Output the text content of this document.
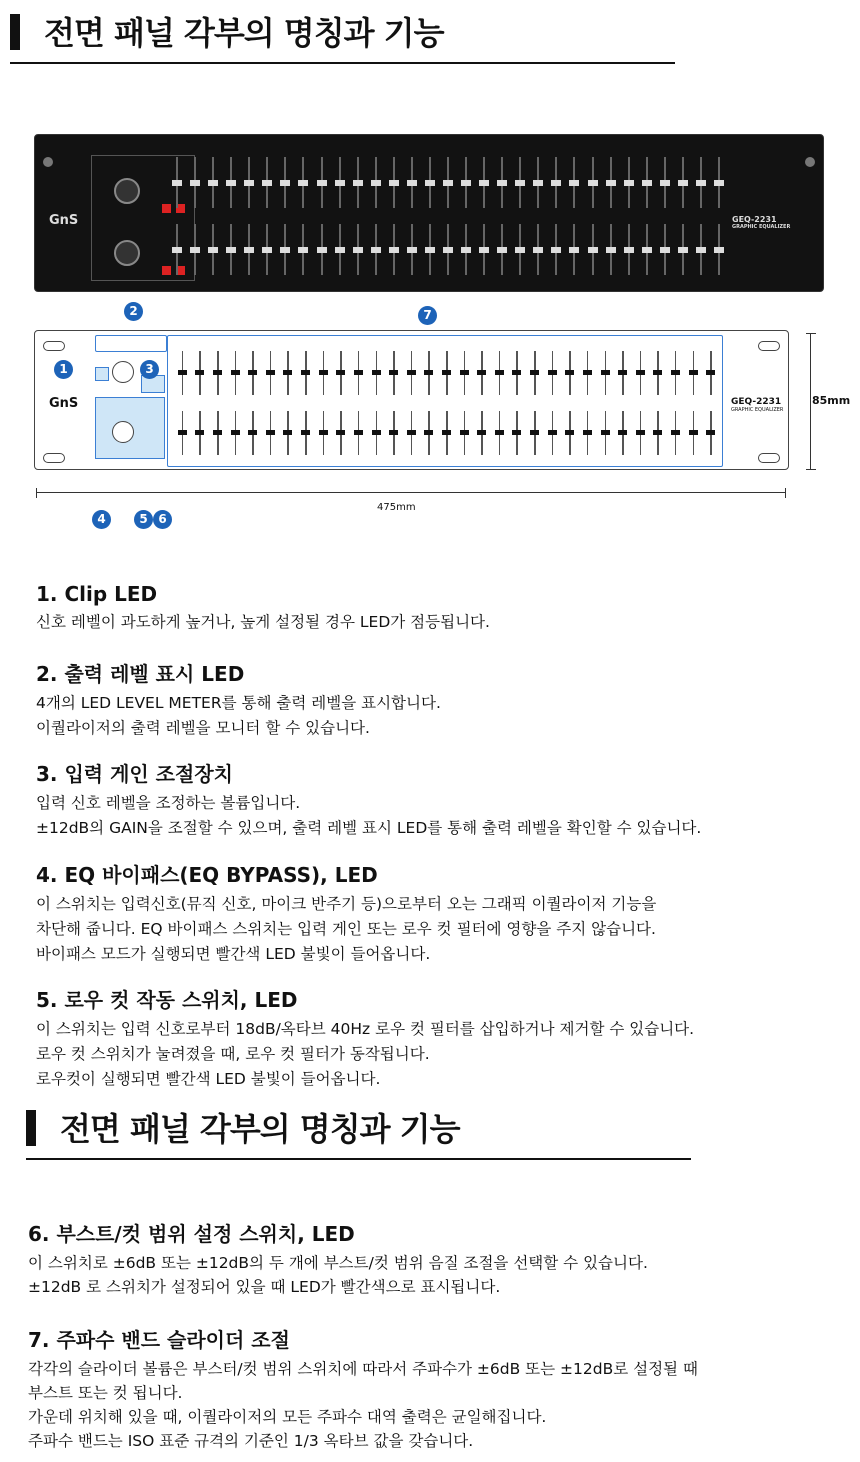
전면 패널 각부의 명칭과 기능
GnS	GEQ-2231
GRAPHIC EQUALIZER
GnS	GEQ-2231
GRAPHIC EQUALIZER
2	7
1	3
4	5 6
85mm
475mm
1. Clip LED

신호 레벨이 과도하게 높거나, 높게 설정될 경우 LED가 점등됩니다.

2. 출력 레벨 표시 LED

4개의 LED LEVEL METER를 통해 출력 레벨을 표시합니다.

이퀄라이저의 출력 레벨을 모니터 할 수 있습니다.

3. 입력 게인 조절장치

입력 신호 레벨을 조정하는 볼륨입니다.

±12dB의 GAIN을 조절할 수 있으며, 출력 레벨 표시 LED를 통해 출력 레벨을 확인할 수 있습니다.

4. EQ 바이패스(EQ BYPASS), LED

이 스위치는 입력신호(뮤직 신호, 마이크 반주기 등)으로부터 오는 그래픽 이퀄라이저 기능을

차단해 줍니다. EQ 바이패스 스위치는 입력 게인 또는 로우 컷 필터에 영향을 주지 않습니다.

바이패스 모드가 실행되면 빨간색 LED 불빛이 들어옵니다.

5. 로우 컷 작동 스위치, LED

이 스위치는 입력 신호로부터 18dB/옥타브 40Hz 로우 컷 필터를 삽입하거나 제거할 수 있습니다.

로우 컷 스위치가 눌려졌을 때, 로우 컷 필터가 동작됩니다.

로우컷이 실행되면 빨간색 LED 불빛이 들어옵니다.

전면 패널 각부의 명칭과 기능
6. 부스트/컷 범위 설정 스위치, LED

이 스위치로 ±6dB 또는 ±12dB의 두 개에 부스트/컷 범위 음질 조절을 선택할 수 있습니다.

±12dB 로 스위치가 설정되어 있을 때 LED가 빨간색으로 표시됩니다.

7. 주파수 밴드 슬라이더 조절

각각의 슬라이더 볼륨은 부스터/컷 범위 스위치에 따라서 주파수가 ±6dB 또는 ±12dB로 설정될 때

부스트 또는 컷 됩니다.

가운데 위치해 있을 때, 이퀄라이저의 모든 주파수 대역 출력은 균일해집니다.

주파수 밴드는 ISO 표준 규격의 기준인 1/3 옥타브 값을 갖습니다.
